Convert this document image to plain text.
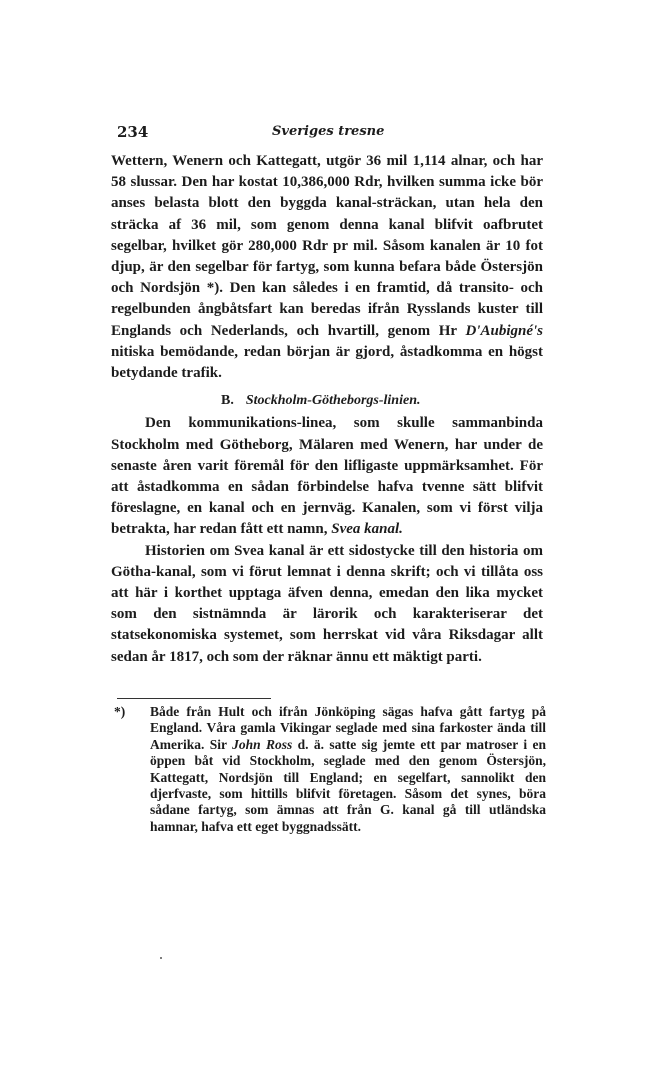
234	Sveriges tresne

Wettern, Wenern och Kattegatt, utgör 36 mil 1,114 alnar, och har 58 slussar. Den har kostat 10,386,000 Rdr, hvilken summa icke bör anses belasta blott den byggda kanal-sträckan, utan hela den sträcka af 36 mil, som genom denna kanal blifvit oafbrutet segelbar, hvilket gör 280,000 Rdr pr mil. Såsom kanalen är 10 fot djup, är den segelbar för fartyg, som kunna befara både Östersjön och Nordsjön *). Den kan således i en framtid, då transito- och regelbunden ångbåtsfart kan beredas ifrån Rysslands kuster till Englands och Nederlands, och hvartill, genom Hr D'Aubigné's nitiska bemödande, redan början är gjord, åstadkomma en högst betydande trafik.

B. Stockholm-Götheborgs-linien.

Den kommunikations-linea, som skulle sammanbinda Stockholm med Götheborg, Mälaren med Wenern, har under de senaste åren varit föremål för den lifligaste uppmärksamhet. För att åstadkomma en sådan förbindelse hafva tvenne sätt blifvit föreslagne, en kanal och en jernväg. Kanalen, som vi först vilja betrakta, har redan fått ett namn, Svea kanal.

Historien om Svea kanal är ett sidostycke till den historia om Götha-kanal, som vi förut lemnat i denna skrift; och vi tillåta oss att här i korthet upptaga äfven denna, emedan den lika mycket som den sistnämnda är lärorik och karakteriserar det statsekonomiska systemet, som herrskat vid våra Riksdagar allt sedan år 1817, och som der räknar ännu ett mäktigt parti.

*) Både från Hult och ifrån Jönköping sägas hafva gått fartyg på England. Våra gamla Vikingar seglade med sina farkoster ända till Amerika. Sir John Ross d. ä. satte sig jemte ett par matroser i en öppen båt vid Stockholm, seglade med den genom Östersjön, Kattegatt, Nordsjön till England; en segelfart, sannolikt den djerfvaste, som hittills blifvit företagen. Såsom det synes, böra sådane fartyg, som ämnas att från G. kanal gå till utländska hamnar, hafva ett eget byggnadssätt.
